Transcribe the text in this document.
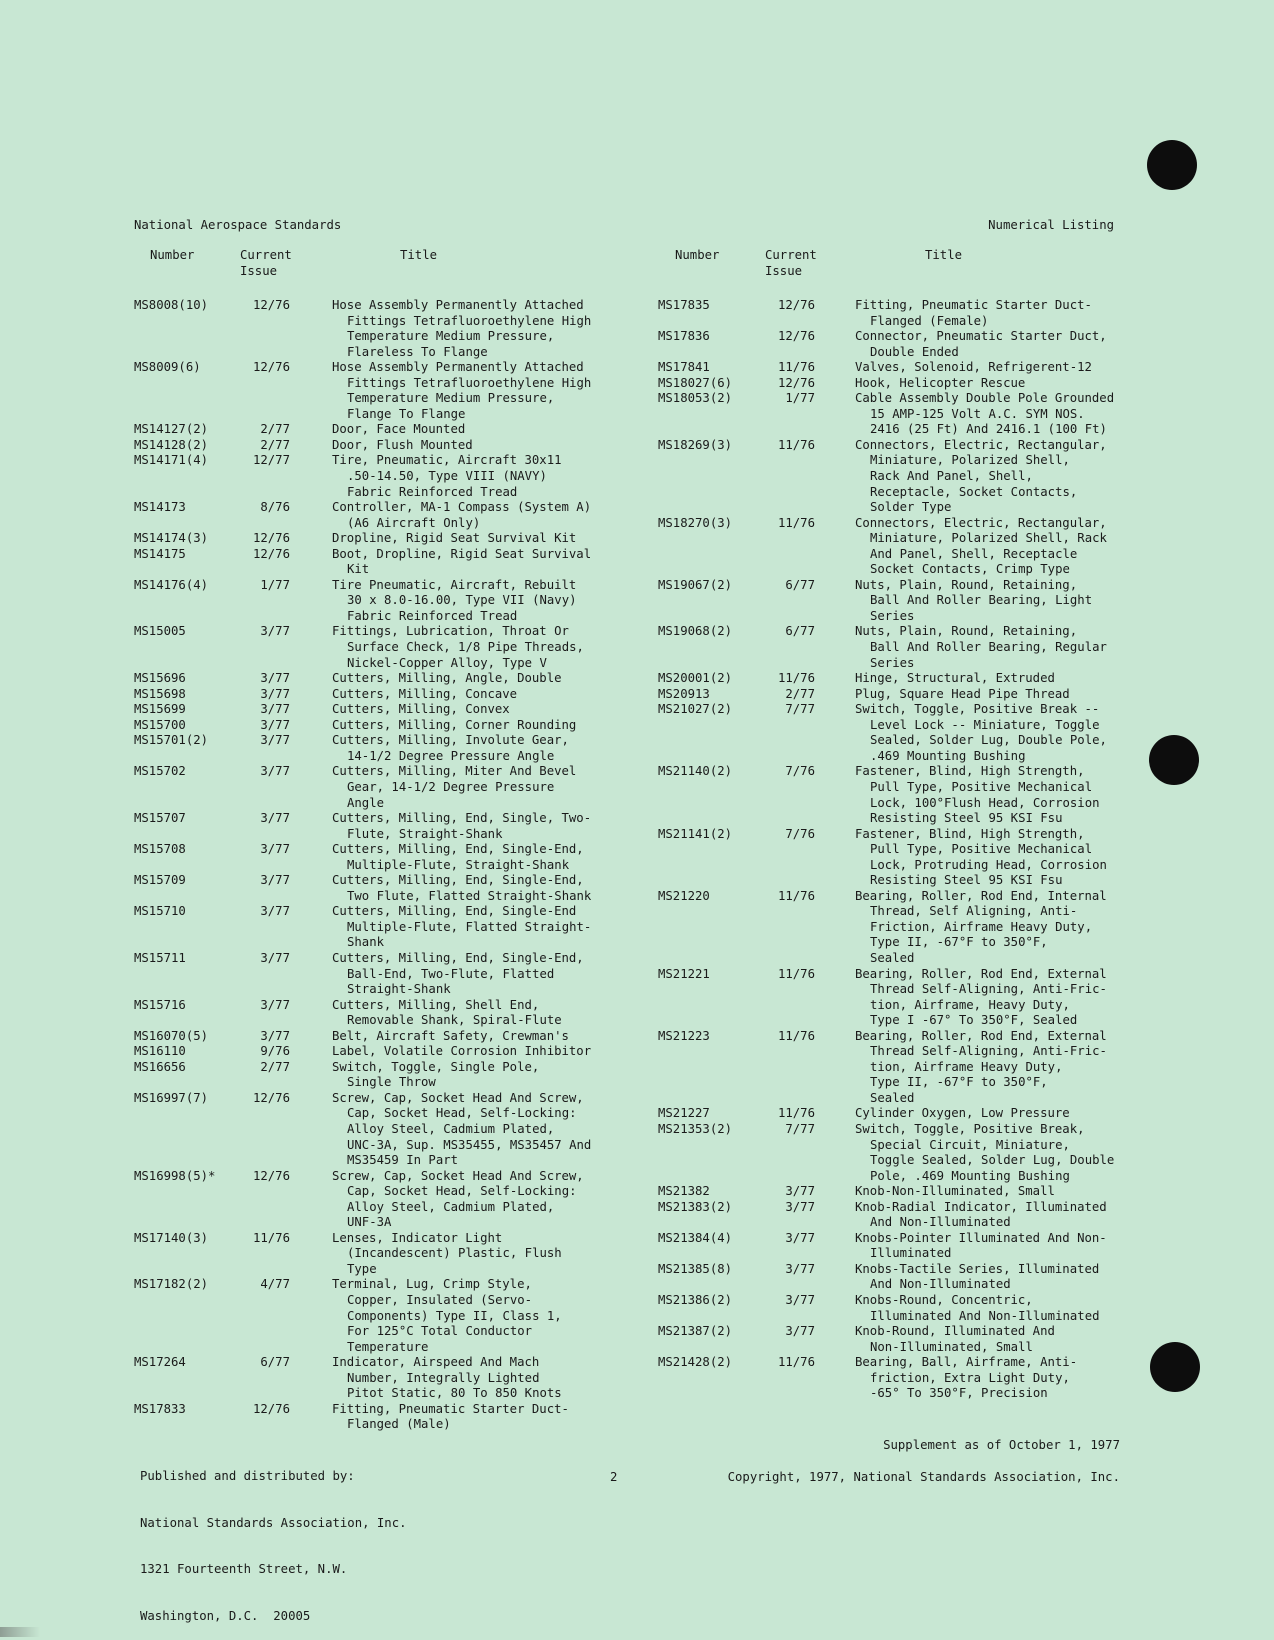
National Aerospace Standards	Numerical Listing
Number	Current
Issue
Title	Number	Current
Issue
Title
MS8008(10)	12/76	Hose Assembly Permanently Attached
Fittings Tetrafluoroethylene High
Temperature Medium Pressure,
Flareless To Flange
MS8009(6)	12/76	Hose Assembly Permanently Attached
Fittings Tetrafluoroethylene High
Temperature Medium Pressure,
Flange To Flange
MS14127(2)	2/77	Door, Face Mounted
MS14128(2)	2/77	Door, Flush Mounted
MS14171(4)	12/77	Tire, Pneumatic, Aircraft 30x11
.50-14.50, Type VIII (NAVY)
Fabric Reinforced Tread
MS14173	8/76	Controller, MA-1 Compass (System A)
(A6 Aircraft Only)
MS14174(3)	12/76	Dropline, Rigid Seat Survival Kit
MS14175	12/76	Boot, Dropline, Rigid Seat Survival
Kit
MS14176(4)	1/77	Tire Pneumatic, Aircraft, Rebuilt
30 x 8.0-16.00, Type VII (Navy)
Fabric Reinforced Tread
MS15005	3/77	Fittings, Lubrication, Throat Or
Surface Check, 1/8 Pipe Threads,
Nickel-Copper Alloy, Type V
MS15696	3/77	Cutters, Milling, Angle, Double
MS15698	3/77	Cutters, Milling, Concave
MS15699	3/77	Cutters, Milling, Convex
MS15700	3/77	Cutters, Milling, Corner Rounding
MS15701(2)	3/77	Cutters, Milling, Involute Gear,
14-1/2 Degree Pressure Angle
MS15702	3/77	Cutters, Milling, Miter And Bevel
Gear, 14-1/2 Degree Pressure
Angle
MS15707	3/77	Cutters, Milling, End, Single, Two-
Flute, Straight-Shank
MS15708	3/77	Cutters, Milling, End, Single-End,
Multiple-Flute, Straight-Shank
MS15709	3/77	Cutters, Milling, End, Single-End,
Two Flute, Flatted Straight-Shank
MS15710	3/77	Cutters, Milling, End, Single-End
Multiple-Flute, Flatted Straight-
Shank
MS15711	3/77	Cutters, Milling, End, Single-End,
Ball-End, Two-Flute, Flatted
Straight-Shank
MS15716	3/77	Cutters, Milling, Shell End,
Removable Shank, Spiral-Flute
MS16070(5)	3/77	Belt, Aircraft Safety, Crewman's
MS16110	9/76	Label, Volatile Corrosion Inhibitor
MS16656	2/77	Switch, Toggle, Single Pole,
Single Throw
MS16997(7)	12/76	Screw, Cap, Socket Head And Screw,
Cap, Socket Head, Self-Locking:
Alloy Steel, Cadmium Plated,
UNC-3A, Sup. MS35455, MS35457 And
MS35459 In Part
MS16998(5)*	12/76	Screw, Cap, Socket Head And Screw,
Cap, Socket Head, Self-Locking:
Alloy Steel, Cadmium Plated,
UNF-3A
MS17140(3)	11/76	Lenses, Indicator Light
(Incandescent) Plastic, Flush
Type
MS17182(2)	4/77	Terminal, Lug, Crimp Style,
Copper, Insulated (Servo-
Components) Type II, Class 1,
For 125°C Total Conductor
Temperature
MS17264	6/77	Indicator, Airspeed And Mach
Number, Integrally Lighted
Pitot Static, 80 To 850 Knots
MS17833	12/76	Fitting, Pneumatic Starter Duct-
Flanged (Male)
MS17835	12/76	Fitting, Pneumatic Starter Duct-
Flanged (Female)
MS17836	12/76	Connector, Pneumatic Starter Duct,
Double Ended
MS17841	11/76	Valves, Solenoid, Refrigerent-12
MS18027(6)	12/76	Hook, Helicopter Rescue
MS18053(2)	1/77	Cable Assembly Double Pole Grounded
15 AMP-125 Volt A.C. SYM NOS.
2416 (25 Ft) And 2416.1 (100 Ft)
MS18269(3)	11/76	Connectors, Electric, Rectangular,
Miniature, Polarized Shell,
Rack And Panel, Shell,
Receptacle, Socket Contacts,
Solder Type
MS18270(3)	11/76	Connectors, Electric, Rectangular,
Miniature, Polarized Shell, Rack
And Panel, Shell, Receptacle
Socket Contacts, Crimp Type
MS19067(2)	6/77	Nuts, Plain, Round, Retaining,
Ball And Roller Bearing, Light
Series
MS19068(2)	6/77	Nuts, Plain, Round, Retaining,
Ball And Roller Bearing, Regular
Series
MS20001(2)	11/76	Hinge, Structural, Extruded
MS20913	2/77	Plug, Square Head Pipe Thread
MS21027(2)	7/77	Switch, Toggle, Positive Break --
Level Lock -- Miniature, Toggle
Sealed, Solder Lug, Double Pole,
.469 Mounting Bushing
MS21140(2)	7/76	Fastener, Blind, High Strength,
Pull Type, Positive Mechanical
Lock, 100°Flush Head, Corrosion
Resisting Steel 95 KSI Fsu
MS21141(2)	7/76	Fastener, Blind, High Strength,
Pull Type, Positive Mechanical
Lock, Protruding Head, Corrosion
Resisting Steel 95 KSI Fsu
MS21220	11/76	Bearing, Roller, Rod End, Internal
Thread, Self Aligning, Anti-
Friction, Airframe Heavy Duty,
Type II, -67°F to 350°F,
Sealed
MS21221	11/76	Bearing, Roller, Rod End, External
Thread Self-Aligning, Anti-Fric-
tion, Airframe, Heavy Duty,
Type I -67° To 350°F, Sealed
MS21223	11/76	Bearing, Roller, Rod End, External
Thread Self-Aligning, Anti-Fric-
tion, Airframe Heavy Duty,
Type II, -67°F to 350°F,
Sealed
MS21227	11/76	Cylinder Oxygen, Low Pressure
MS21353(2)	7/77	Switch, Toggle, Positive Break,
Special Circuit, Miniature,
Toggle Sealed, Solder Lug, Double
Pole, .469 Mounting Bushing
MS21382	3/77	Knob-Non-Illuminated, Small
MS21383(2)	3/77	Knob-Radial Indicator, Illuminated
And Non-Illuminated
MS21384(4)	3/77	Knobs-Pointer Illuminated And Non-
Illuminated
MS21385(8)	3/77	Knobs-Tactile Series, Illuminated
And Non-Illuminated
MS21386(2)	3/77	Knobs-Round, Concentric,
Illuminated And Non-Illuminated
MS21387(2)	3/77	Knob-Round, Illuminated And
Non-Illuminated, Small
MS21428(2)	11/76	Bearing, Ball, Airframe, Anti-
friction, Extra Light Duty,
-65° To 350°F, Precision

Published and distributed by:

National Standards Association, Inc.

1321 Fourteenth Street, N.W.

Washington, D.C.  20005

2
Supplement as of October 1, 1977
Copyright, 1977, National Standards Association, Inc.
